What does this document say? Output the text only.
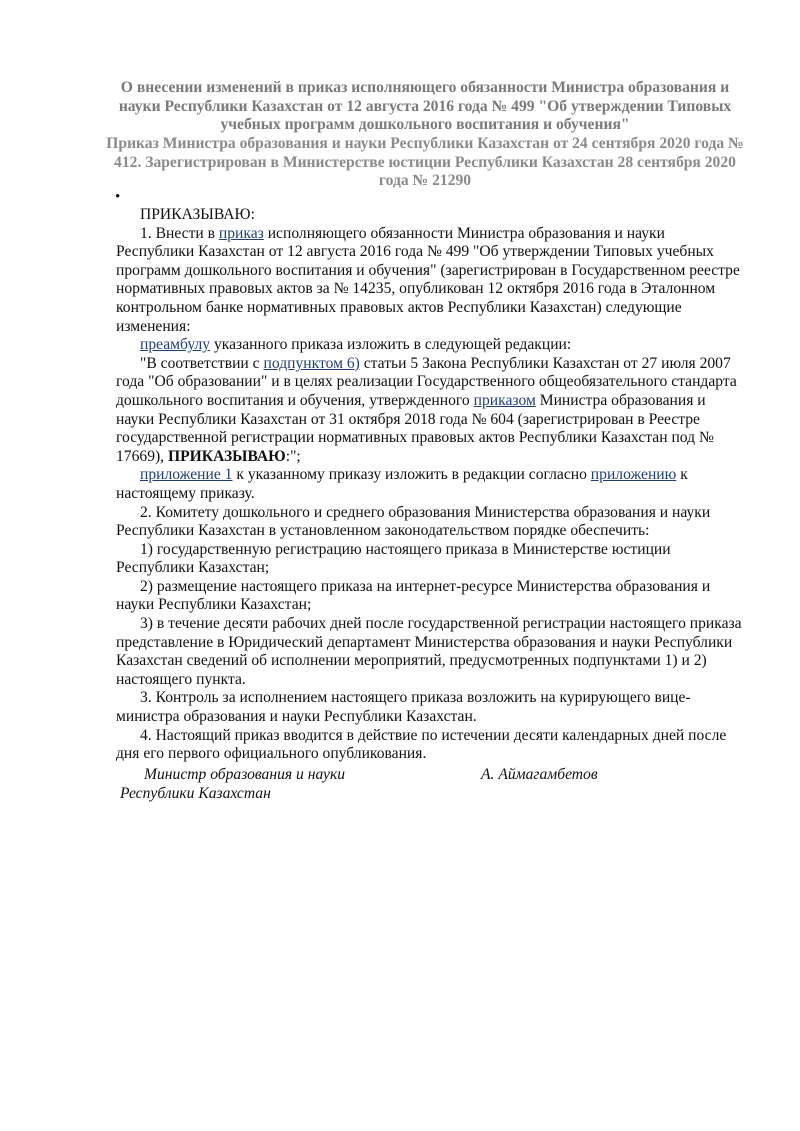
О внесении изменений в приказ исполняющего обязанности Министра образования и науки Республики Казахстан от 12 августа 2016 года № 499 "Об утверждении Типовых учебных программ дошкольного воспитания и обучения"
Приказ Министра образования и науки Республики Казахстан от 24 сентября 2020 года № 412. Зарегистрирован в Министерстве юстиции Республики Казахстан 28 сентября 2020 года № 21290
•

ПРИКАЗЫВАЮ:

1. Внести в приказ исполняющего обязанности Министра образования и науки Республики Казахстан от 12 августа 2016 года № 499 "Об утверждении Типовых учебных программ дошкольного воспитания и обучения" (зарегистрирован в Государственном реестре нормативных правовых актов за № 14235, опубликован 12 октября 2016 года в Эталонном контрольном банке нормативных правовых актов Республики Казахстан) следующие изменения:

преамбулу указанного приказа изложить в следующей редакции:

"В соответствии с подпунктом 6) статьи 5 Закона Республики Казахстан от 27 июля 2007 года "Об образовании" и в целях реализации Государственного общеобязательного стандарта дошкольного воспитания и обучения, утвержденного приказом Министра образования и науки Республики Казахстан от 31 октября 2018 года № 604 (зарегистрирован в Реестре государственной регистрации нормативных правовых актов Республики Казахстан под № 17669), ПРИКАЗЫВАЮ:";

приложение 1 к указанному приказу изложить в редакции согласно приложению к настоящему приказу.

2. Комитету дошкольного и среднего образования Министерства образования и науки Республики Казахстан в установленном законодательством порядке обеспечить:

1) государственную регистрацию настоящего приказа в Министерстве юстиции Республики Казахстан;

2) размещение настоящего приказа на интернет-ресурсе Министерства образования и науки Республики Казахстан;

3) в течение десяти рабочих дней после государственной регистрации настоящего приказа представление в Юридический департамент Министерства образования и науки Республики Казахстан сведений об исполнении мероприятий, предусмотренных подпунктами 1) и 2) настоящего пункта.

3. Контроль за исполнением настоящего приказа возложить на курирующего вице-министра образования и науки Республики Казахстан.

4. Настоящий приказ вводится в действие по истечении десяти календарных дней после дня его первого официального опубликования.

Министр образования и науки
Республики Казахстан
А. Аймагамбетов
